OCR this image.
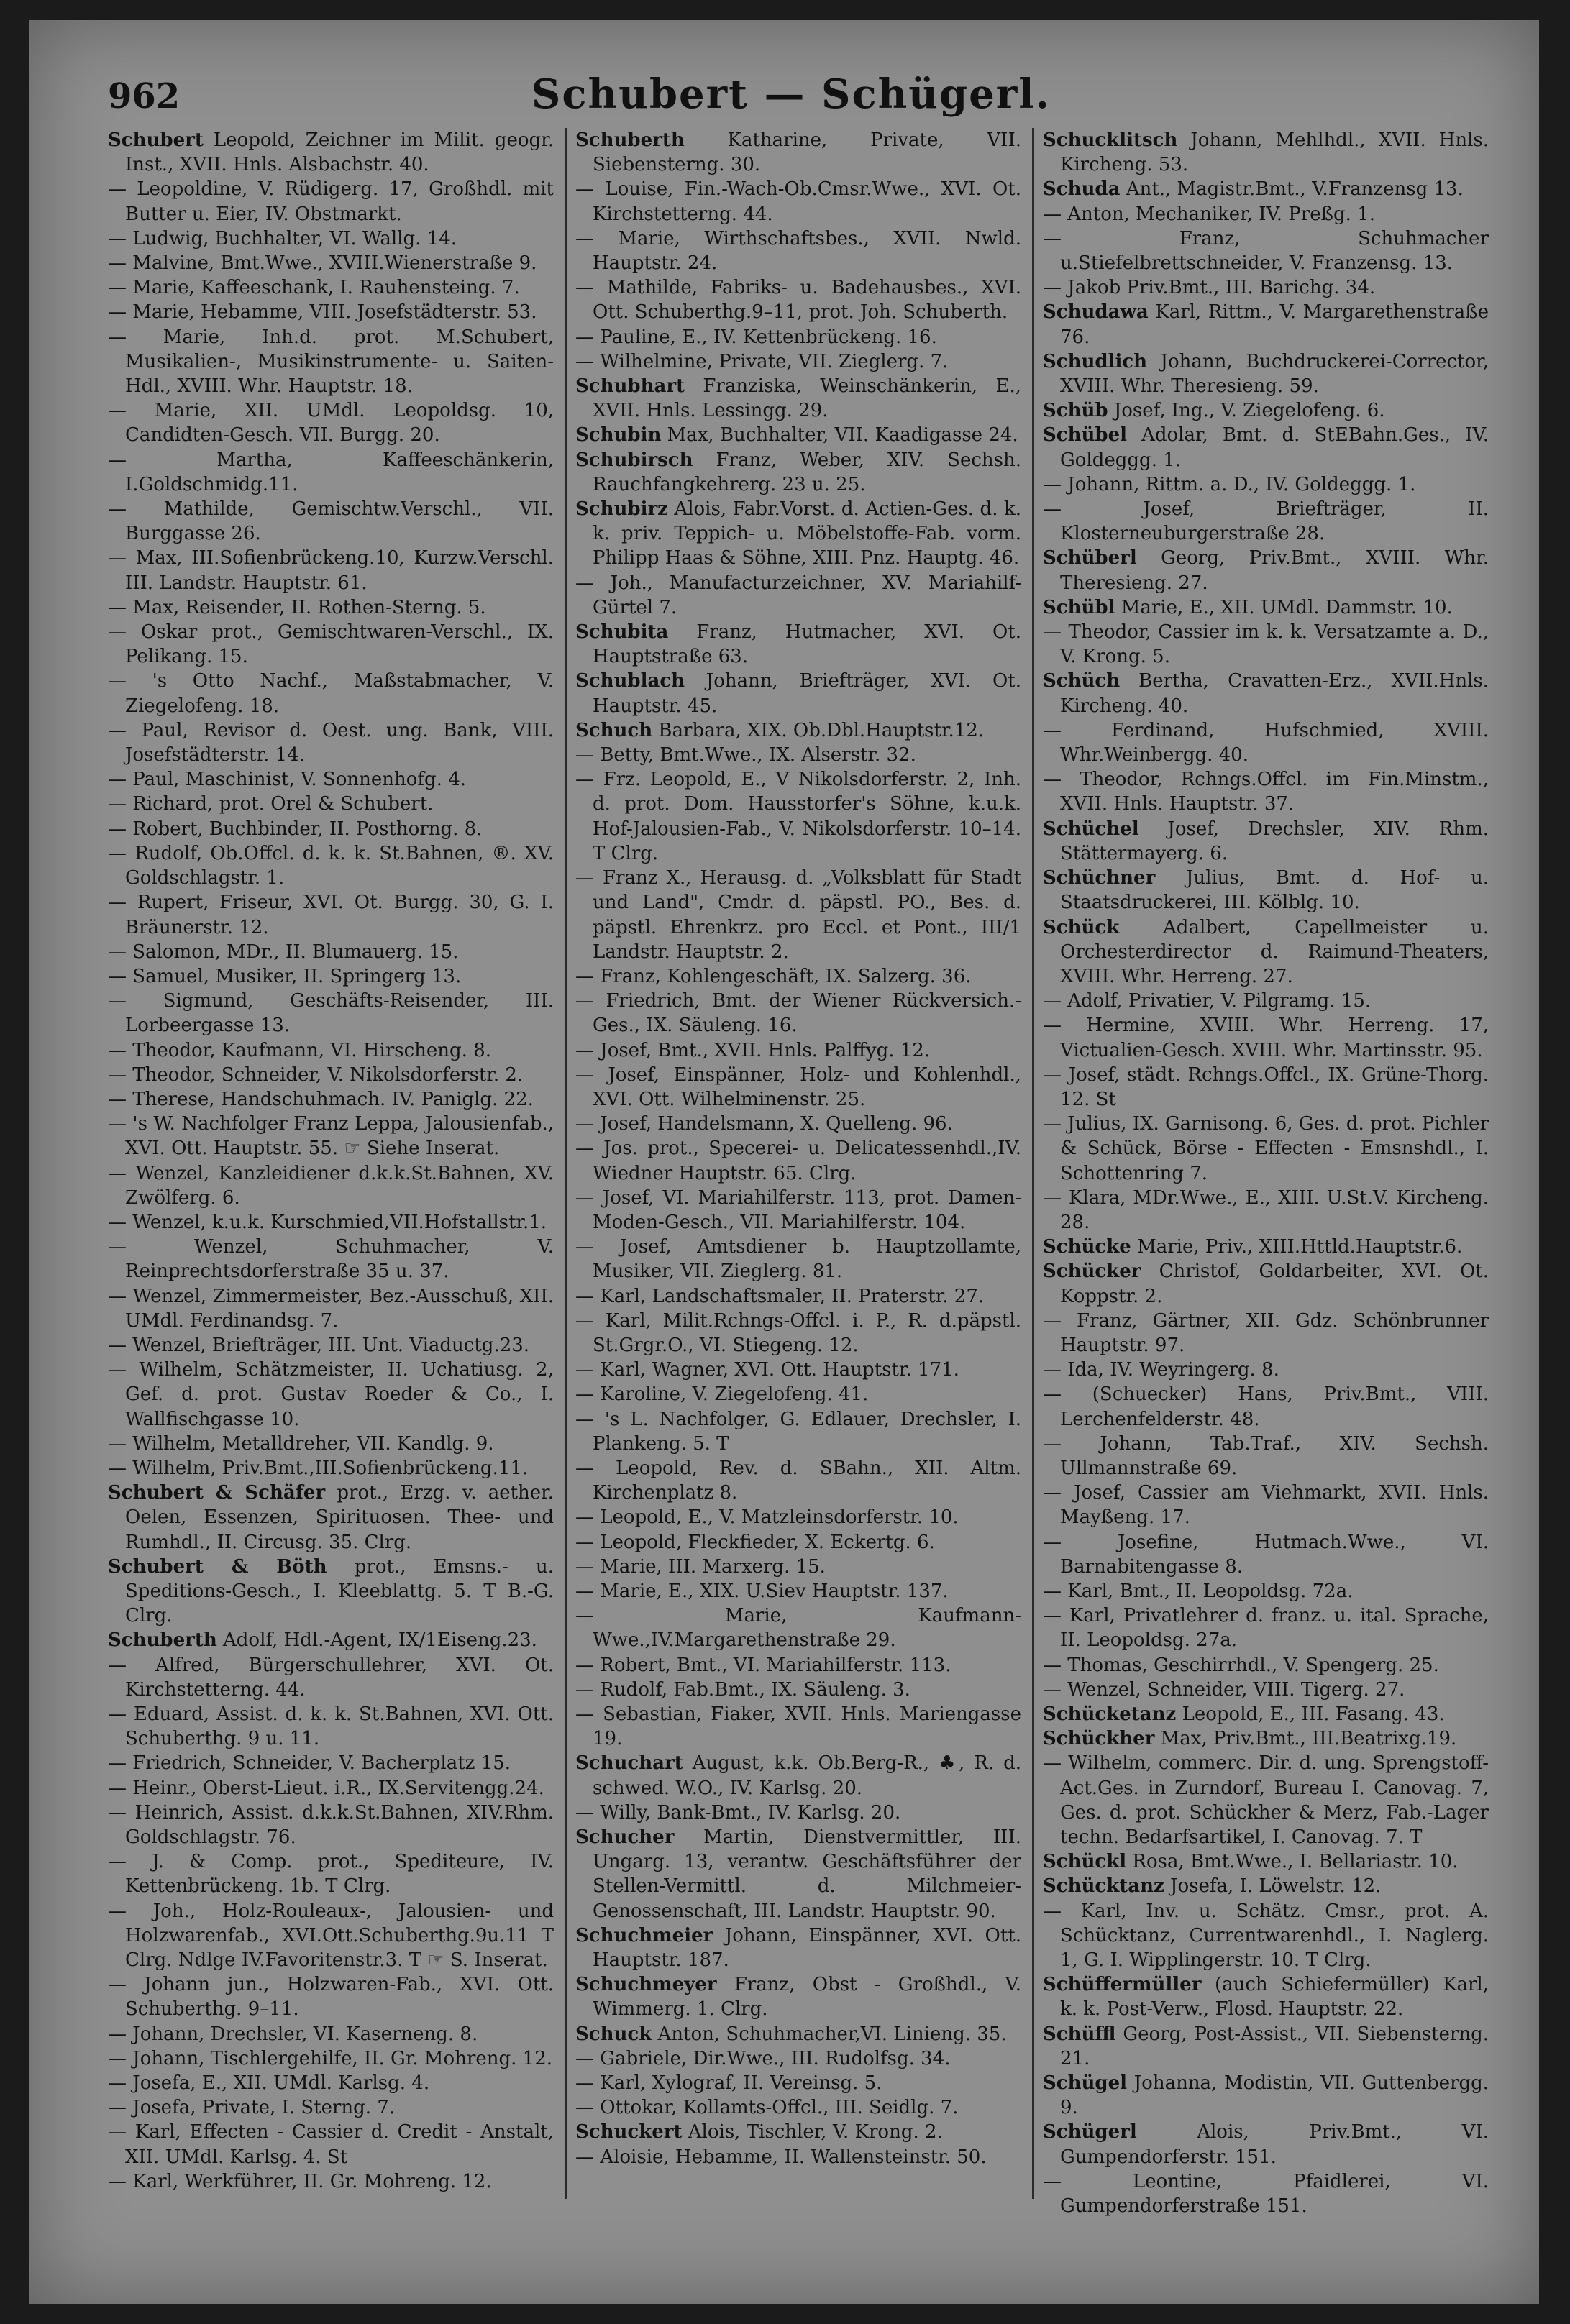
962	Schubert — Schügerl.

Schubert Leopold, Zeichner im Milit. geogr. Inst., XVII. Hnls. Alsbachstr. 40.

— Leopoldine, V. Rüdigerg. 17, Großhdl. mit Butter u. Eier, IV. Obstmarkt.

— Ludwig, Buchhalter, VI. Wallg. 14.

— Malvine, Bmt.Wwe., XVIII.Wienerstraße 9.

— Marie, Kaffeeschank, I. Rauhensteing. 7.

— Marie, Hebamme, VIII. Josefstädterstr. 53.

— Marie, Inh.d. prot. M.Schubert, Musikalien-, Musikinstrumente- u. Saiten-Hdl., XVIII. Whr. Hauptstr. 18.

— Marie, XII. UMdl. Leopoldsg. 10, Candidten-Gesch. VII. Burgg. 20.

— Martha, Kaffeeschänkerin, I.Goldschmidg.11.

— Mathilde, Gemischtw.Verschl., VII. Burggasse 26.

— Max, III.Sofienbrückeng.10, Kurzw.Verschl. III. Landstr. Hauptstr. 61.

— Max, Reisender, II. Rothen-Sterng. 5.

— Oskar prot., Gemischtwaren-Verschl., IX. Pelikang. 15.

— 's Otto Nachf., Maßstabmacher, V. Ziegelofeng. 18.

— Paul, Revisor d. Oest. ung. Bank, VIII. Josefstädterstr. 14.

— Paul, Maschinist, V. Sonnenhofg. 4.

— Richard, prot. Orel & Schubert.

— Robert, Buchbinder, II. Posthorng. 8.

— Rudolf, Ob.Offcl. d. k. k. St.Bahnen, ®. XV. Goldschlagstr. 1.

— Rupert, Friseur, XVI. Ot. Burgg. 30, G. I. Bräunerstr. 12.

— Salomon, MDr., II. Blumauerg. 15.

— Samuel, Musiker, II. Springerg 13.

— Sigmund, Geschäfts-Reisender, III. Lorbeergasse 13.

— Theodor, Kaufmann, VI. Hirscheng. 8.

— Theodor, Schneider, V. Nikolsdorferstr. 2.

— Therese, Handschuhmach. IV. Paniglg. 22.

— 's W. Nachfolger Franz Leppa, Jalousienfab., XVI. Ott. Hauptstr. 55. ☞ Siehe Inserat.

— Wenzel, Kanzleidiener d.k.k.St.Bahnen, XV. Zwölferg. 6.

— Wenzel, k.u.k. Kurschmied,VII.Hofstallstr.1.

— Wenzel, Schuhmacher, V. Reinprechtsdorferstraße 35 u. 37.

— Wenzel, Zimmermeister, Bez.-Ausschuß, XII. UMdl. Ferdinandsg. 7.

— Wenzel, Briefträger, III. Unt. Viaductg.23.

— Wilhelm, Schätzmeister, II. Uchatiusg. 2, Gef. d. prot. Gustav Roeder & Co., I. Wallfischgasse 10.

— Wilhelm, Metalldreher, VII. Kandlg. 9.

— Wilhelm, Priv.Bmt.,III.Sofienbrückeng.11.

Schubert & Schäfer prot., Erzg. v. aether. Oelen, Essenzen, Spirituosen. Thee- und Rumhdl., II. Circusg. 35. Clrg.

Schubert & Böth prot., Emsns.- u. Speditions-Gesch., I. Kleeblattg. 5. T B.-G. Clrg.

Schuberth Adolf, Hdl.-Agent, IX/1Eiseng.23.

— Alfred, Bürgerschullehrer, XVI. Ot. Kirchstetterng. 44.

— Eduard, Assist. d. k. k. St.Bahnen, XVI. Ott. Schuberthg. 9 u. 11.

— Friedrich, Schneider, V. Bacherplatz 15.

— Heinr., Oberst-Lieut. i.R., IX.Servitengg.24.

— Heinrich, Assist. d.k.k.St.Bahnen, XIV.Rhm. Goldschlagstr. 76.

— J. & Comp. prot., Spediteure, IV. Kettenbrückeng. 1b. T Clrg.

— Joh., Holz-Rouleaux-, Jalousien- und Holzwarenfab., XVI.Ott.Schuberthg.9u.11 T Clrg. Ndlge IV.Favoritenstr.3. T ☞ S. Inserat.

— Johann jun., Holzwaren-Fab., XVI. Ott. Schuberthg. 9–11.

— Johann, Drechsler, VI. Kaserneng. 8.

— Johann, Tischlergehilfe, II. Gr. Mohreng. 12.

— Josefa, E., XII. UMdl. Karlsg. 4.

— Josefa, Private, I. Sterng. 7.

— Karl, Effecten - Cassier d. Credit - Anstalt, XII. UMdl. Karlsg. 4. St

— Karl, Werkführer, II. Gr. Mohreng. 12.

Schuberth Katharine, Private, VII. Siebensterng. 30.

— Louise, Fin.-Wach-Ob.Cmsr.Wwe., XVI. Ot. Kirchstetterng. 44.

— Marie, Wirthschaftsbes., XVII. Nwld. Hauptstr. 24.

— Mathilde, Fabriks- u. Badehausbes., XVI. Ott. Schuberthg.9–11, prot. Joh. Schuberth.

— Pauline, E., IV. Kettenbrückeng. 16.

— Wilhelmine, Private, VII. Zieglerg. 7.

Schubhart Franziska, Weinschänkerin, E., XVII. Hnls. Lessingg. 29.

Schubin Max, Buchhalter, VII. Kaadigasse 24.

Schubirsch Franz, Weber, XIV. Sechsh. Rauchfangkehrerg. 23 u. 25.

Schubirz Alois, Fabr.Vorst. d. Actien-Ges. d. k. k. priv. Teppich- u. Möbelstoffe-Fab. vorm. Philipp Haas & Söhne, XIII. Pnz. Hauptg. 46.

— Joh., Manufacturzeichner, XV. Mariahilf-Gürtel 7.

Schubita Franz, Hutmacher, XVI. Ot. Hauptstraße 63.

Schublach Johann, Briefträger, XVI. Ot. Hauptstr. 45.

Schuch Barbara, XIX. Ob.Dbl.Hauptstr.12.

— Betty, Bmt.Wwe., IX. Alserstr. 32.

— Frz. Leopold, E., V Nikolsdorferstr. 2, Inh. d. prot. Dom. Hausstorfer's Söhne, k.u.k. Hof-Jalousien-Fab., V. Nikolsdorferstr. 10–14. T Clrg.

— Franz X., Herausg. d. „Volksblatt für Stadt und Land", Cmdr. d. päpstl. PO., Bes. d. päpstl. Ehrenkrz. pro Eccl. et Pont., III/1 Landstr. Hauptstr. 2.

— Franz, Kohlengeschäft, IX. Salzerg. 36.

— Friedrich, Bmt. der Wiener Rückversich.-Ges., IX. Säuleng. 16.

— Josef, Bmt., XVII. Hnls. Palffyg. 12.

— Josef, Einspänner, Holz- und Kohlenhdl., XVI. Ott. Wilhelminenstr. 25.

— Josef, Handelsmann, X. Quelleng. 96.

— Jos. prot., Specerei- u. Delicatessenhdl.,IV. Wiedner Hauptstr. 65. Clrg.

— Josef, VI. Mariahilferstr. 113, prot. Damen-Moden-Gesch., VII. Mariahilferstr. 104.

— Josef, Amtsdiener b. Hauptzollamte, Musiker, VII. Zieglerg. 81.

— Karl, Landschaftsmaler, II. Praterstr. 27.

— Karl, Milit.Rchngs-Offcl. i. P., R. d.päpstl. St.Grgr.O., VI. Stiegeng. 12.

— Karl, Wagner, XVI. Ott. Hauptstr. 171.

— Karoline, V. Ziegelofeng. 41.

— 's L. Nachfolger, G. Edlauer, Drechsler, I. Plankeng. 5. T

— Leopold, Rev. d. SBahn., XII. Altm. Kirchenplatz 8.

— Leopold, E., V. Matzleinsdorferstr. 10.

— Leopold, Fleckfieder, X. Eckertg. 6.

— Marie, III. Marxerg. 15.

— Marie, E., XIX. U.Siev Hauptstr. 137.

— Marie, Kaufmann-Wwe.,IV.Margarethenstraße 29.

— Robert, Bmt., VI. Mariahilferstr. 113.

— Rudolf, Fab.Bmt., IX. Säuleng. 3.

— Sebastian, Fiaker, XVII. Hnls. Mariengasse 19.

Schuchart August, k.k. Ob.Berg-R., ♣, R. d. schwed. W.O., IV. Karlsg. 20.

— Willy, Bank-Bmt., IV. Karlsg. 20.

Schucher Martin, Dienstvermittler, III. Ungarg. 13, verantw. Geschäftsführer der Stellen-Vermittl. d. Milchmeier-Genossenschaft, III. Landstr. Hauptstr. 90.

Schuchmeier Johann, Einspänner, XVI. Ott. Hauptstr. 187.

Schuchmeyer Franz, Obst - Großhdl., V. Wimmerg. 1. Clrg.

Schuck Anton, Schuhmacher,VI. Linieng. 35.

— Gabriele, Dir.Wwe., III. Rudolfsg. 34.

— Karl, Xylograf, II. Vereinsg. 5.

— Ottokar, Kollamts-Offcl., III. Seidlg. 7.

Schuckert Alois, Tischler, V. Krong. 2.

— Aloisie, Hebamme, II. Wallensteinstr. 50.

Schucklitsch Johann, Mehlhdl., XVII. Hnls. Kircheng. 53.

Schuda Ant., Magistr.Bmt., V.Franzensg 13.

— Anton, Mechaniker, IV. Preßg. 1.

— Franz, Schuhmacher u.Stiefelbrettschneider, V. Franzensg. 13.

— Jakob Priv.Bmt., III. Barichg. 34.

Schudawa Karl, Rittm., V. Margarethenstraße 76.

Schudlich Johann, Buchdruckerei-Corrector, XVIII. Whr. Theresieng. 59.

Schüb Josef, Ing., V. Ziegelofeng. 6.

Schübel Adolar, Bmt. d. StEBahn.Ges., IV. Goldeggg. 1.

— Johann, Rittm. a. D., IV. Goldeggg. 1.

— Josef, Briefträger, II. Klosterneuburgerstraße 28.

Schüberl Georg, Priv.Bmt., XVIII. Whr. Theresieng. 27.

Schübl Marie, E., XII. UMdl. Dammstr. 10.

— Theodor, Cassier im k. k. Versatzamte a. D., V. Krong. 5.

Schüch Bertha, Cravatten-Erz., XVII.Hnls. Kircheng. 40.

— Ferdinand, Hufschmied, XVIII. Whr.Weinbergg. 40.

— Theodor, Rchngs.Offcl. im Fin.Minstm., XVII. Hnls. Hauptstr. 37.

Schüchel Josef, Drechsler, XIV. Rhm. Stättermayerg. 6.

Schüchner Julius, Bmt. d. Hof- u. Staatsdruckerei, III. Kölblg. 10.

Schück Adalbert, Capellmeister u. Orchesterdirector d. Raimund-Theaters, XVIII. Whr. Herreng. 27.

— Adolf, Privatier, V. Pilgramg. 15.

— Hermine, XVIII. Whr. Herreng. 17, Victualien-Gesch. XVIII. Whr. Martinsstr. 95.

— Josef, städt. Rchngs.Offcl., IX. Grüne-Thorg. 12. St

— Julius, IX. Garnisong. 6, Ges. d. prot. Pichler & Schück, Börse - Effecten - Emsnshdl., I. Schottenring 7.

— Klara, MDr.Wwe., E., XIII. U.St.V. Kircheng. 28.

Schücke Marie, Priv., XIII.Httld.Hauptstr.6.

Schücker Christof, Goldarbeiter, XVI. Ot. Koppstr. 2.

— Franz, Gärtner, XII. Gdz. Schönbrunner Hauptstr. 97.

— Ida, IV. Weyringerg. 8.

— (Schuecker) Hans, Priv.Bmt., VIII. Lerchenfelderstr. 48.

— Johann, Tab.Traf., XIV. Sechsh. Ullmannstraße 69.

— Josef, Cassier am Viehmarkt, XVII. Hnls. Mayßeng. 17.

— Josefine, Hutmach.Wwe., VI. Barnabitengasse 8.

— Karl, Bmt., II. Leopoldsg. 72a.

— Karl, Privatlehrer d. franz. u. ital. Sprache, II. Leopoldsg. 27a.

— Thomas, Geschirrhdl., V. Spengerg. 25.

— Wenzel, Schneider, VIII. Tigerg. 27.

Schücketanz Leopold, E., III. Fasang. 43.

Schückher Max, Priv.Bmt., III.Beatrixg.19.

— Wilhelm, commerc. Dir. d. ung. Sprengstoff-Act.Ges. in Zurndorf, Bureau I. Canovag. 7, Ges. d. prot. Schückher & Merz, Fab.-Lager techn. Bedarfsartikel, I. Canovag. 7. T

Schückl Rosa, Bmt.Wwe., I. Bellariastr. 10.

Schücktanz Josefa, I. Löwelstr. 12.

— Karl, Inv. u. Schätz. Cmsr., prot. A. Schücktanz, Currentwarenhdl., I. Naglerg. 1, G. I. Wipplingerstr. 10. T Clrg.

Schüffermüller (auch Schiefermüller) Karl, k. k. Post-Verw., Flosd. Hauptstr. 22.

Schüffl Georg, Post-Assist., VII. Siebensterng. 21.

Schügel Johanna, Modistin, VII. Guttenbergg. 9.

Schügerl Alois, Priv.Bmt., VI. Gumpendorferstr. 151.

— Leontine, Pfaidlerei, VI. Gumpendorferstraße 151.
